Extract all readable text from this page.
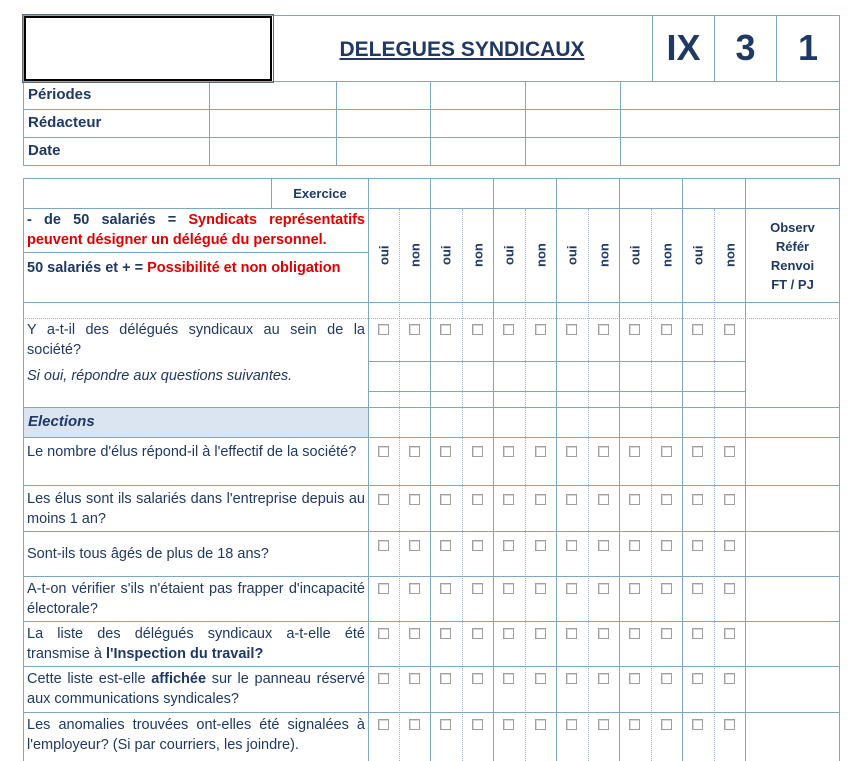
DELEGUES SYNDICAUX	IX 3	1
Périodes
Rédacteur
Date
Exercice
- de 50 salariés = Syndicats représentatifs peuvent désigner un délégué du personnel.
50 salariés et + = Possibilité et non obligation
oui non oui non oui non oui non oui non oui non
Observ
Référ
Renvoi
FT / PJ
Y a-t-il des délégués syndicaux au sein de la société?
Si oui, répondre aux questions suivantes.
Elections
Le nombre d'élus répond-il à l'effectif de la société?
Les élus sont ils salariés dans l'entreprise depuis au moins 1 an?
Sont-ils tous âgés de plus de 18 ans?
A-t-on vérifier s'ils n'étaient pas frapper d'incapacité électorale?
La liste des délégués syndicaux a-t-elle été transmise à l'Inspection du travail?
Cette liste est-elle affichée sur le panneau réservé aux communications syndicales?
Les anomalies trouvées ont-elles été signalées à l'employeur? (Si par courriers, les joindre).
